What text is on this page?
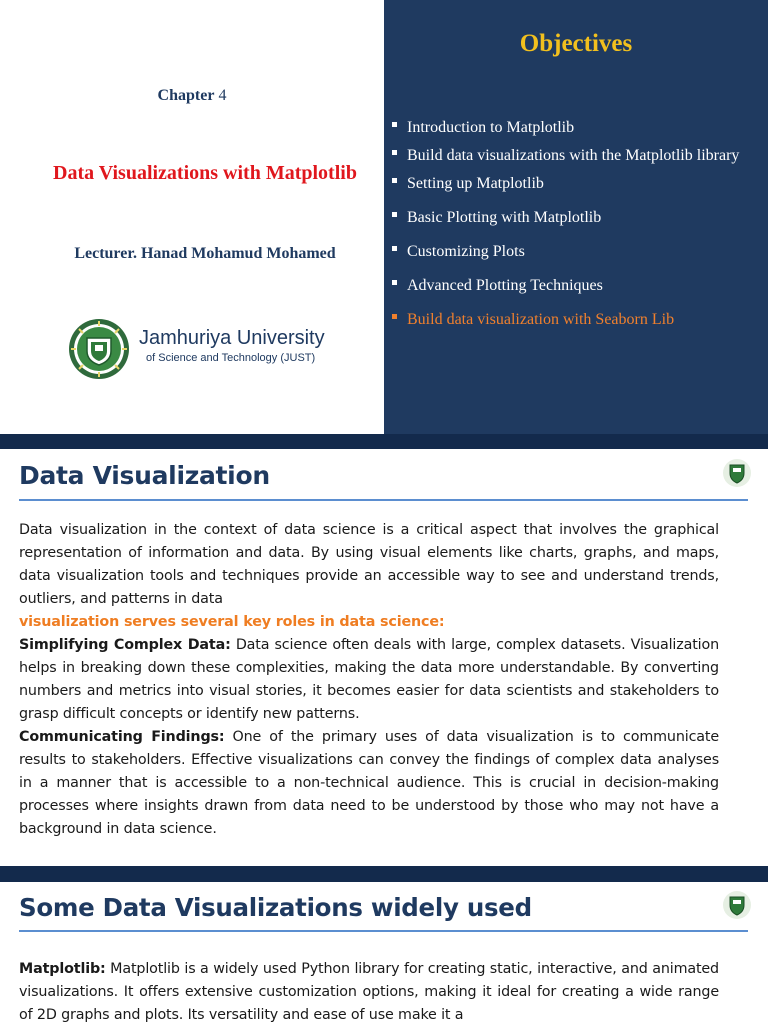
Chapter 4
Data Visualizations with Matplotlib
Lecturer. Hanad Mohamud Mohamed
Jamhuriya University
of Science and Technology (JUST)
Objectives
Introduction to Matplotlib
Build data visualizations with the Matplotlib library
Setting up Matplotlib
Basic Plotting with Matplotlib
Customizing Plots
Advanced Plotting Techniques
Build data visualization with Seaborn Lib
Data Visualization

Data visualization in the context of data science is a critical aspect that involves the graphical representation of information and data. By using visual elements like charts, graphs, and maps, data visualization tools and techniques provide an accessible way to see and understand trends, outliers, and patterns in data
visualization serves several key roles in data science:
Simplifying Complex Data: Data science often deals with large, complex datasets. Visualization helps in breaking down these complexities, making the data more understandable. By converting numbers and metrics into visual stories, it becomes easier for data scientists and stakeholders to grasp difficult concepts or identify new patterns.
Communicating Findings: One of the primary uses of data visualization is to communicate results to stakeholders. Effective visualizations can convey the findings of complex data analyses in a manner that is accessible to a non-technical audience. This is crucial in decision-making processes where insights drawn from data need to be understood by those who may not have a background in data science.

Some Data Visualizations widely used

Matplotlib: Matplotlib is a widely used Python library for creating static, interactive, and animated visualizations. It offers extensive customization options, making it ideal for creating a wide range of 2D graphs and plots. Its versatility and ease of use make it a
